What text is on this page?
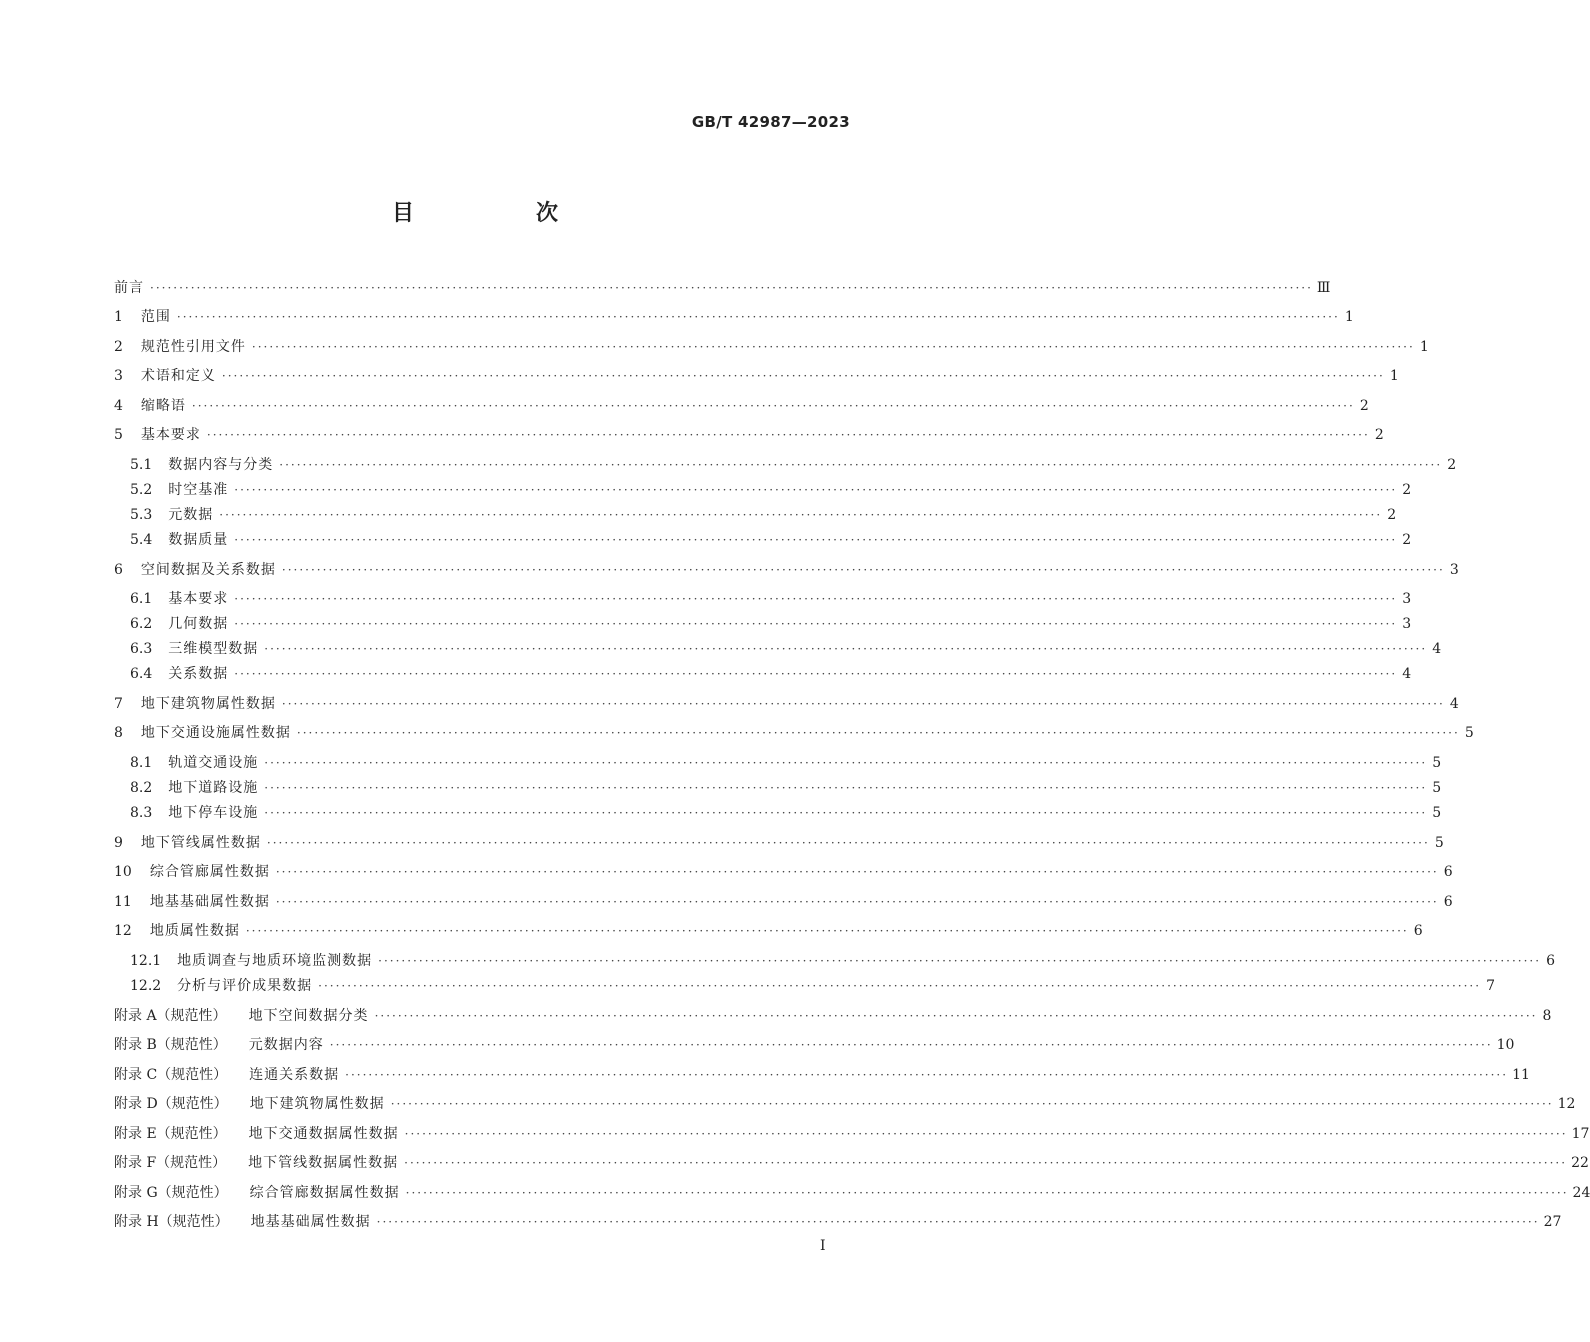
GB/T 42987—2023
目　次
前言 ········································································································································································································ Ⅲ
1 范围 ········································································································································································································ 1
2 规范性引用文件 ········································································································································································································ 1
3 术语和定义 ········································································································································································································ 1
4 缩略语 ········································································································································································································ 2
5 基本要求 ········································································································································································································ 2
5.1 数据内容与分类 ········································································································································································································ 2
5.2 时空基准 ········································································································································································································ 2
5.3 元数据 ········································································································································································································ 2
5.4 数据质量 ········································································································································································································ 2
6 空间数据及关系数据 ········································································································································································································ 3
6.1 基本要求 ········································································································································································································ 3
6.2 几何数据 ········································································································································································································ 3
6.3 三维模型数据 ········································································································································································································ 4
6.4 关系数据 ········································································································································································································ 4
7 地下建筑物属性数据 ········································································································································································································ 4
8 地下交通设施属性数据 ········································································································································································································ 5
8.1 轨道交通设施 ········································································································································································································ 5
8.2 地下道路设施 ········································································································································································································ 5
8.3 地下停车设施 ········································································································································································································ 5
9 地下管线属性数据 ········································································································································································································ 5
10 综合管廊属性数据 ········································································································································································································ 6
11 地基基础属性数据 ········································································································································································································ 6
12 地质属性数据 ········································································································································································································ 6
12.1 地质调查与地质环境监测数据 ········································································································································································································ 6
12.2 分析与评价成果数据 ········································································································································································································ 7
附录 A（规范性） 地下空间数据分类 ········································································································································································································ 8
附录 B（规范性） 元数据内容 ········································································································································································································ 10
附录 C（规范性） 连通关系数据 ········································································································································································································ 11
附录 D（规范性） 地下建筑物属性数据 ········································································································································································································ 12
附录 E（规范性） 地下交通数据属性数据 ········································································································································································································ 17
附录 F（规范性） 地下管线数据属性数据 ········································································································································································································ 22
附录 G（规范性） 综合管廊数据属性数据 ········································································································································································································ 24
附录 H（规范性） 地基基础属性数据 ········································································································································································································ 27
I
